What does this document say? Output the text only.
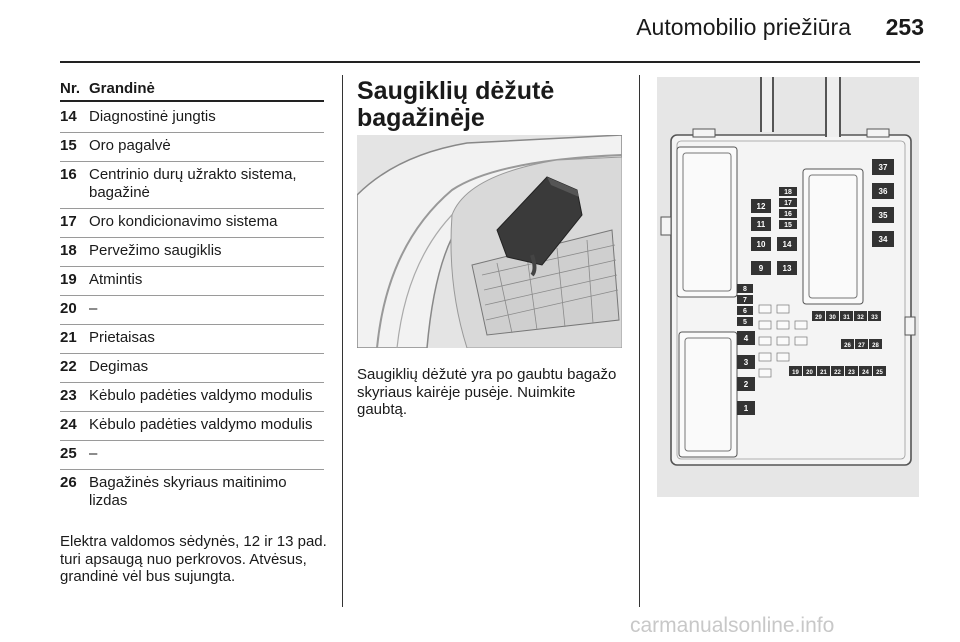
Automobilio priežiūra	253
Nr. Grandinė
14 Diagnostinė jungtis
15 Oro pagalvė
16 Centrinio durų užrakto sistema, bagažinė
17 Oro kondicionavimo sistema
18 Pervežimo saugiklis
19 Atmintis
20 –
21 Prietaisas
22 Degimas
23 Kėbulo padėties valdymo modulis
24 Kėbulo padėties valdymo modulis
25 –
26 Bagažinės skyriaus maitinimo lizdas
Elektra valdomos sėdynės, 12 ir 13 pad. turi apsaugą nuo perkrovos. Atvėsus, grandinė vėl bus sujungta.
Saugiklių dėžutė bagažinėje
Saugiklių dėžutė yra po gaubtu bagažo skyriaus kairėje pusėje. Nuimkite gaubtą.
37
36
35
34
18
17
16
15
12
11
10 14
9 13
8
7
6
5
4
3
2
1
29 30 31 32 33
26 27 28
19 20 21 22 23 24 25
carmanualsonline.info
